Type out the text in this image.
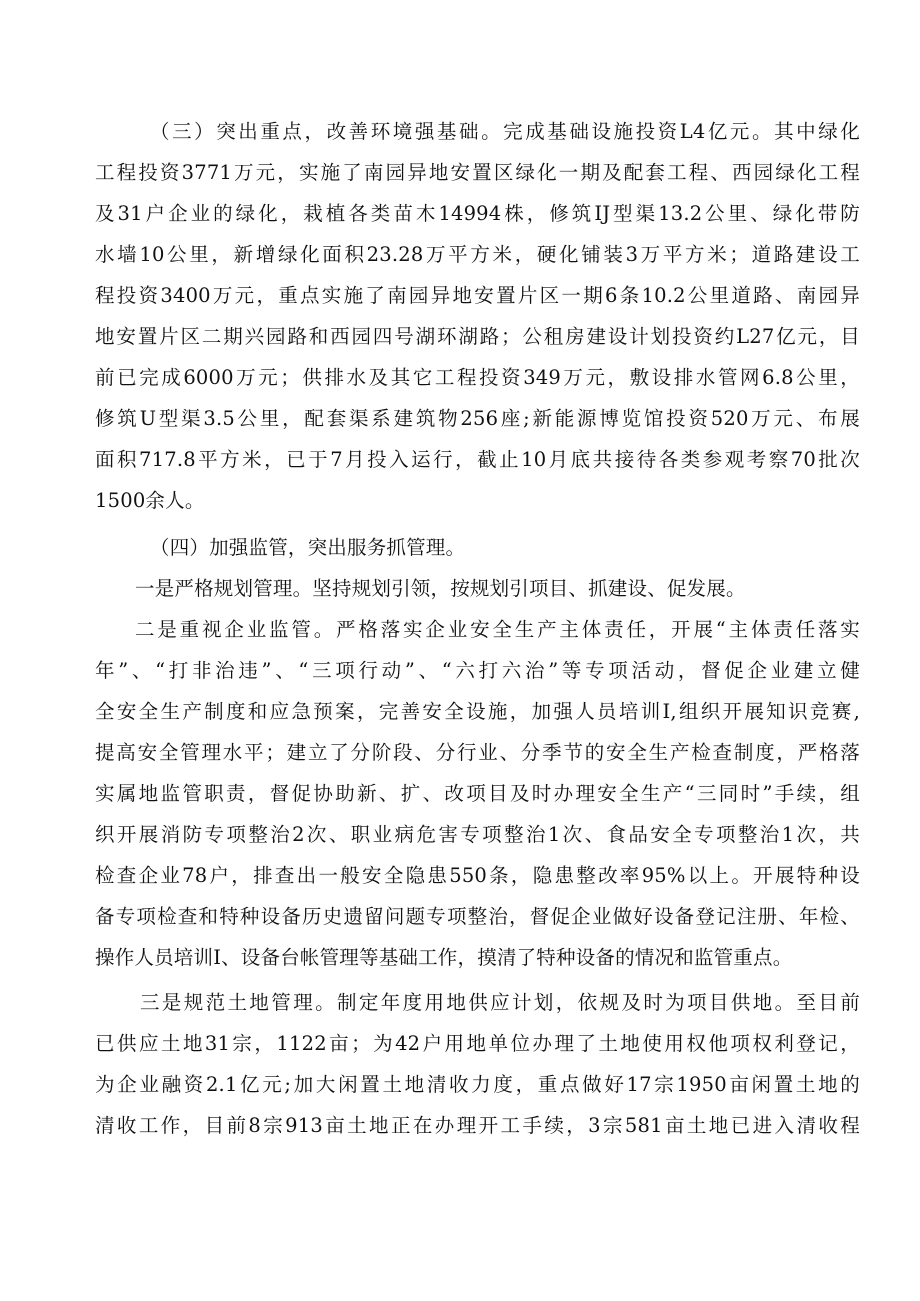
（三）突出重点，改善环境强基础。完成基础设施投资L4亿元。其中绿化

工程投资3771万元，实施了南园异地安置区绿化一期及配套工程、西园绿化工程

及31户企业的绿化，栽植各类苗木14994株，修筑IJ型渠13.2公里、绿化带防

水墙10公里，新增绿化面积23.28万平方米，硬化铺装3万平方米；道路建设工

程投资3400万元，重点实施了南园异地安置片区一期6条10.2公里道路、南园异

地安置片区二期兴园路和西园四号湖环湖路；公租房建设计划投资约L27亿元，目

前已完成6000万元；供排水及其它工程投资349万元，敷设排水管网6.8公里，

修筑U型渠3.5公里，配套渠系建筑物256座;新能源博览馆投资520万元、布展

面积717.8平方米，已于7月投入运行，截止10月底共接待各类参观考察70批次

1500余人。

（四）加强监管，突出服务抓管理。

一是严格规划管理。坚持规划引领，按规划引项目、抓建设、促发展。

二是重视企业监管。严格落实企业安全生产主体责任，开展“主体责任落实

年”、“打非治违”、“三项行动”、“六打六治”等专项活动，督促企业建立健

全安全生产制度和应急预案，完善安全设施，加强人员培训I,组织开展知识竞赛,

提高安全管理水平；建立了分阶段、分行业、分季节的安全生产检查制度，严格落

实属地监管职责，督促协助新、扩、改项目及时办理安全生产“三同时”手续，组

织开展消防专项整治2次、职业病危害专项整治1次、食品安全专项整治1次，共

检查企业78户，排查出一般安全隐患550条，隐患整改率95%以上。开展特种设

备专项检查和特种设备历史遗留问题专项整治，督促企业做好设备登记注册、年检、

操作人员培训I、设备台帐管理等基础工作，摸清了特种设备的情况和监管重点。

三是规范土地管理。制定年度用地供应计划，依规及时为项目供地。至目前

已供应土地31宗，1122亩；为42户用地单位办理了土地使用权他项权利登记，

为企业融资2.1亿元;加大闲置土地清收力度，重点做好17宗1950亩闲置土地的

清收工作，目前8宗913亩土地正在办理开工手续，3宗581亩土地已进入清收程
